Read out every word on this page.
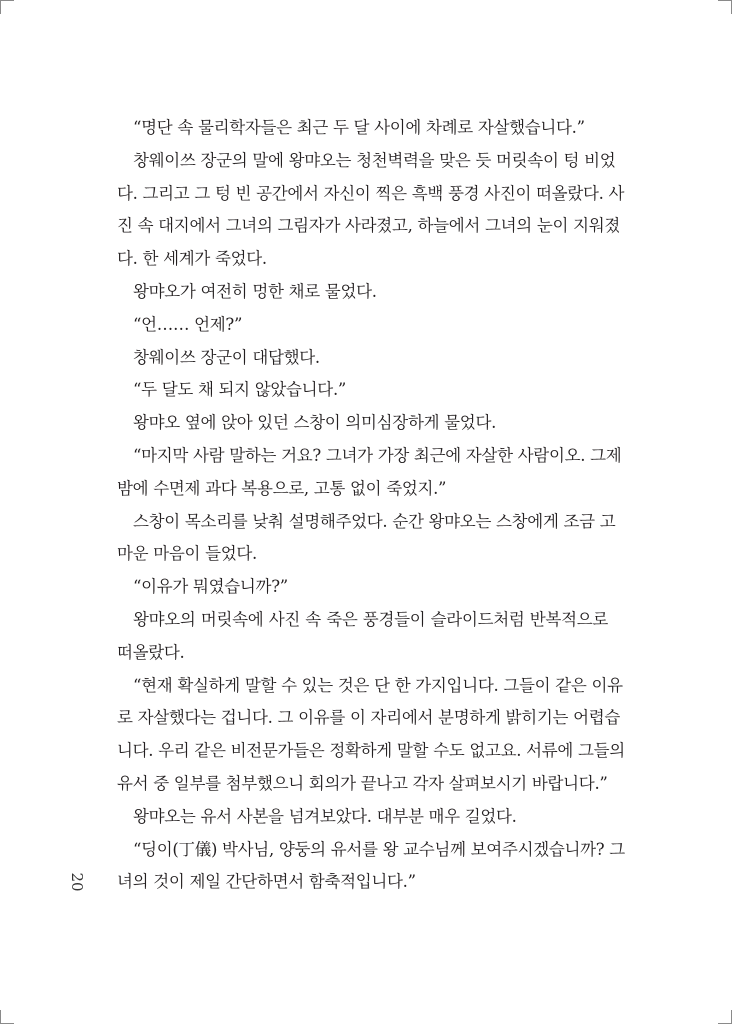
“명단 속 물리학자들은 최근 두 달 사이에 차례로 자살했습니다.”
창웨이쓰 장군의 말에 왕먀오는 청천벽력을 맞은 듯 머릿속이 텅 비었
다. 그리고 그 텅 빈 공간에서 자신이 찍은 흑백 풍경 사진이 떠올랐다. 사
진 속 대지에서 그녀의 그림자가 사라졌고, 하늘에서 그녀의 눈이 지워졌
다. 한 세계가 죽었다.
왕먀오가 여전히 멍한 채로 물었다.
“언…… 언제?”
창웨이쓰 장군이 대답했다.
“두 달도 채 되지 않았습니다.”
왕먀오 옆에 앉아 있던 스창이 의미심장하게 물었다.
“마지막 사람 말하는 거요? 그녀가 가장 최근에 자살한 사람이오. 그제
밤에 수면제 과다 복용으로, 고통 없이 죽었지.”
스창이 목소리를 낮춰 설명해주었다. 순간 왕먀오는 스창에게 조금 고
마운 마음이 들었다.
“이유가 뭐였습니까?”
왕먀오의 머릿속에 사진 속 죽은 풍경들이 슬라이드처럼 반복적으로
떠올랐다.
“현재 확실하게 말할 수 있는 것은 단 한 가지입니다. 그들이 같은 이유
로 자살했다는 겁니다. 그 이유를 이 자리에서 분명하게 밝히기는 어렵습
니다. 우리 같은 비전문가들은 정확하게 말할 수도 없고요. 서류에 그들의
유서 중 일부를 첨부했으니 회의가 끝나고 각자 살펴보시기 바랍니다.”
왕먀오는 유서 사본을 넘겨보았다. 대부분 매우 길었다.
“딩이(丁儀) 박사님, 양둥의 유서를 왕 교수님께 보여주시겠습니까? 그
녀의 것이 제일 간단하면서 함축적입니다.”
20
